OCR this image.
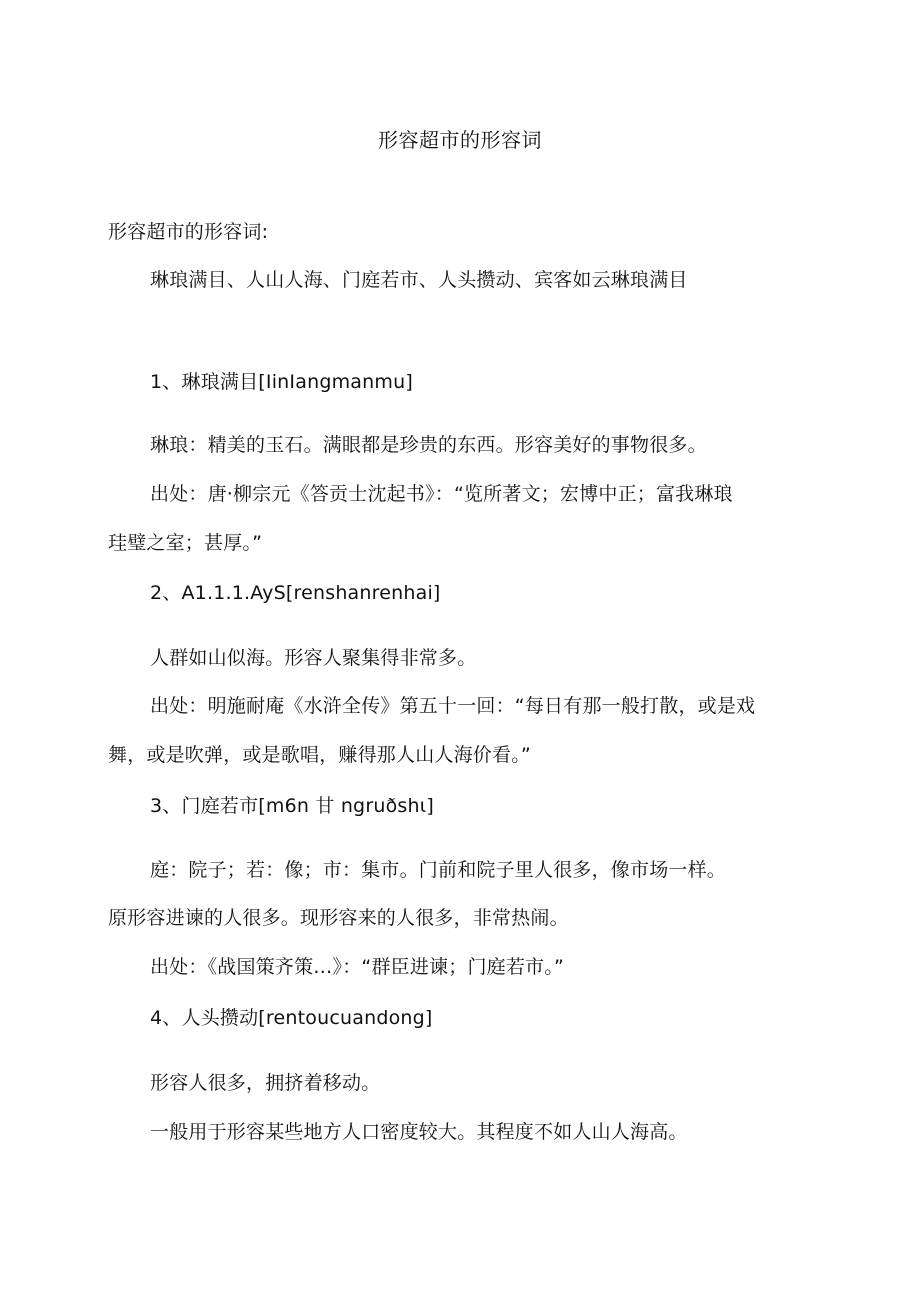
形容超市的形容词
形容超市的形容词:
琳琅满目、人山人海、门庭若市、人头攒动、宾客如云琳琅满目
1、琳琅满目[IinIangmanmu]
琳琅：精美的玉石。满眼都是珍贵的东西。形容美好的事物很多。
出处：唐·柳宗元《答贡士沈起书》：“览所著文；宏博中正；富我琳琅
珪璧之室；甚厚。”
2、A1.1.1.AyS[renshanrenhai]
人群如山似海。形容人聚集得非常多。
出处：明施耐庵《水浒全传》第五十一回：“每日有那一般打散，或是戏
舞，或是吹弹，或是歌唱，赚得那人山人海价看。”
3、门庭若市[m6n 甘 ngruðshι]
庭：院子；若：像；市：集市。门前和院子里人很多，像市场一样。
原形容进谏的人很多。现形容来的人很多，非常热闹。
出处：《战国策齐策…》：“群臣进谏；门庭若市。”
4、人头攒动[rentoucuandong]
形容人很多，拥挤着移动。
一般用于形容某些地方人口密度较大。其程度不如人山人海高。
